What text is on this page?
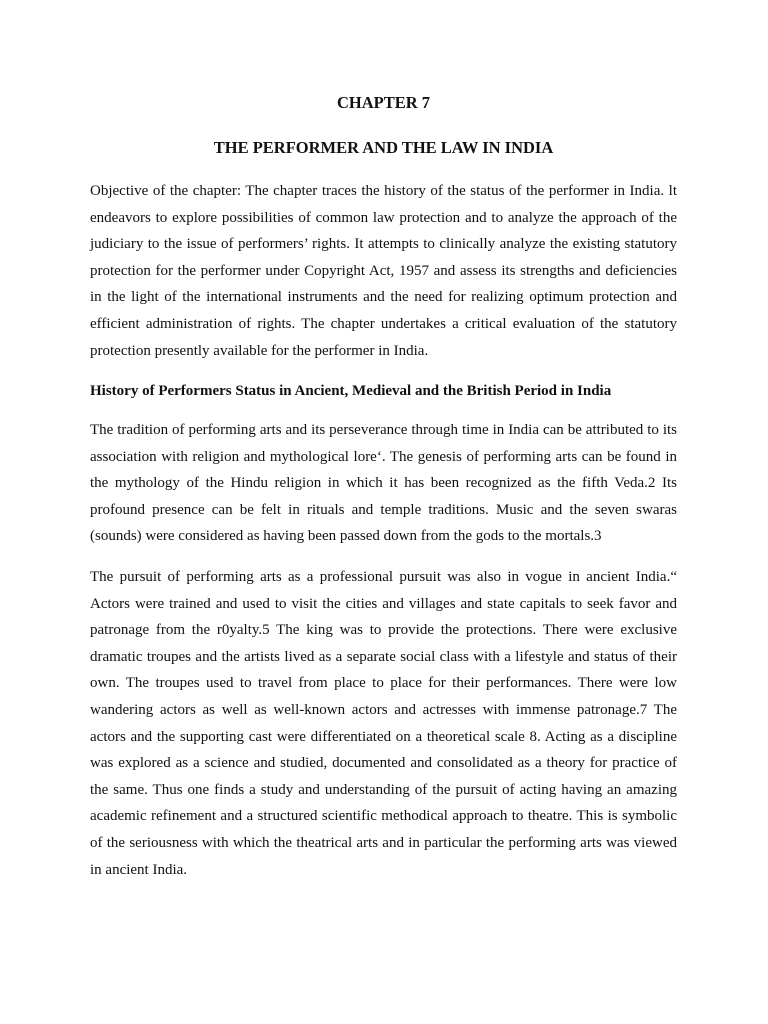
CHAPTER 7
THE PERFORMER AND THE LAW IN INDIA

Objective of the chapter: The chapter traces the history of the status of the performer in India. lt endeavors to explore possibilities of common law protection and to analyze the approach of the judiciary to the issue of performers’ rights. It attempts to clinically analyze the existing statutory protection for the performer under Copyright Act, 1957 and assess its strengths and deficiencies in the light of the international instruments and the need for realizing optimum protection and efficient administration of rights. The chapter undertakes a critical evaluation of the statutory protection presently available for the performer in India.

History of Performers Status in Ancient, Medieval and the British Period in India

The tradition of performing arts and its perseverance through time in India can be attributed to its association with religion and mythological lore‘. The genesis of performing arts can be found in the mythology of the Hindu religion in which it has been recognized as the fifth Veda.2 Its profound presence can be felt in rituals and temple traditions. Music and the seven swaras (sounds) were considered as having been passed down from the gods to the mortals.3

The pursuit of performing arts as a professional pursuit was also in vogue in ancient India.“ Actors were trained and used to visit the cities and villages and state capitals to seek favor and patronage from the r0yalty.5 The king was to provide the protections. There were exclusive dramatic troupes and the artists lived as a separate social class with a lifestyle and status of their own. The troupes used to travel from place to place for their performances. There were low wandering actors as well as well-known actors and actresses with immense patronage.7 The actors and the supporting cast were differentiated on a theoretical scale 8. Acting as a discipline was explored as a science and studied, documented and consolidated as a theory for practice of the same. Thus one finds a study and understanding of the pursuit of acting having an amazing academic refinement and a structured scientific methodical approach to theatre. This is symbolic of the seriousness with which the theatrical arts and in particular the performing arts was viewed in ancient India.
